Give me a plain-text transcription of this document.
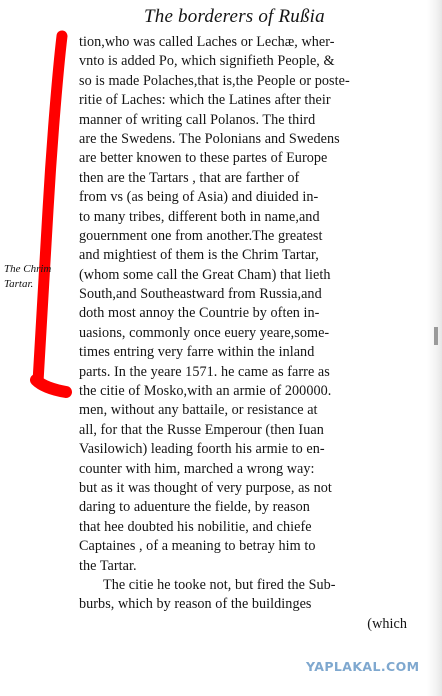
The borderers of Rußia
The Chrim
Tartar.
tion,who was called Laches or Lechæ, wher-
vnto is added Po, which signifieth People, &
so is made Polaches,that is,the People or poste-
ritie of Laches: which the Latines after their
manner of writing call Polanos. The third
are the Swedens. The Polonians and Swedens
are better knowen to these partes of Europe
then are the Tartars , that are farther of
from vs (as being of Asia) and diuided in-
to many tribes, different both in name,and
gouernment one from another.The greatest
and mightiest of them is the Chrim Tartar,
(whom some call the Great Cham) that lieth
South,and Southeastward from Russia,and
doth most annoy the Countrie by often in-
uasions, commonly once euery yeare,some-
times entring very farre within the inland
parts. In the yeare 1571. he came as farre as
the citie of Mosko,with an armie of 200000.
men, without any battaile, or resistance at
all, for that the Russe Emperour (then Iuan
Vasilowich) leading foorth his armie to en-
counter with him, marched a wrong way:
but as it was thought of very purpose, as not
daring to aduenture the fielde, by reason
that hee doubted his nobilitie, and chiefe
Captaines , of a meaning to betray him to
the Tartar.
The citie he tooke not, but fired the Sub-
burbs, which by reason of the buildinges
(which
YAPLAKAL.COM
